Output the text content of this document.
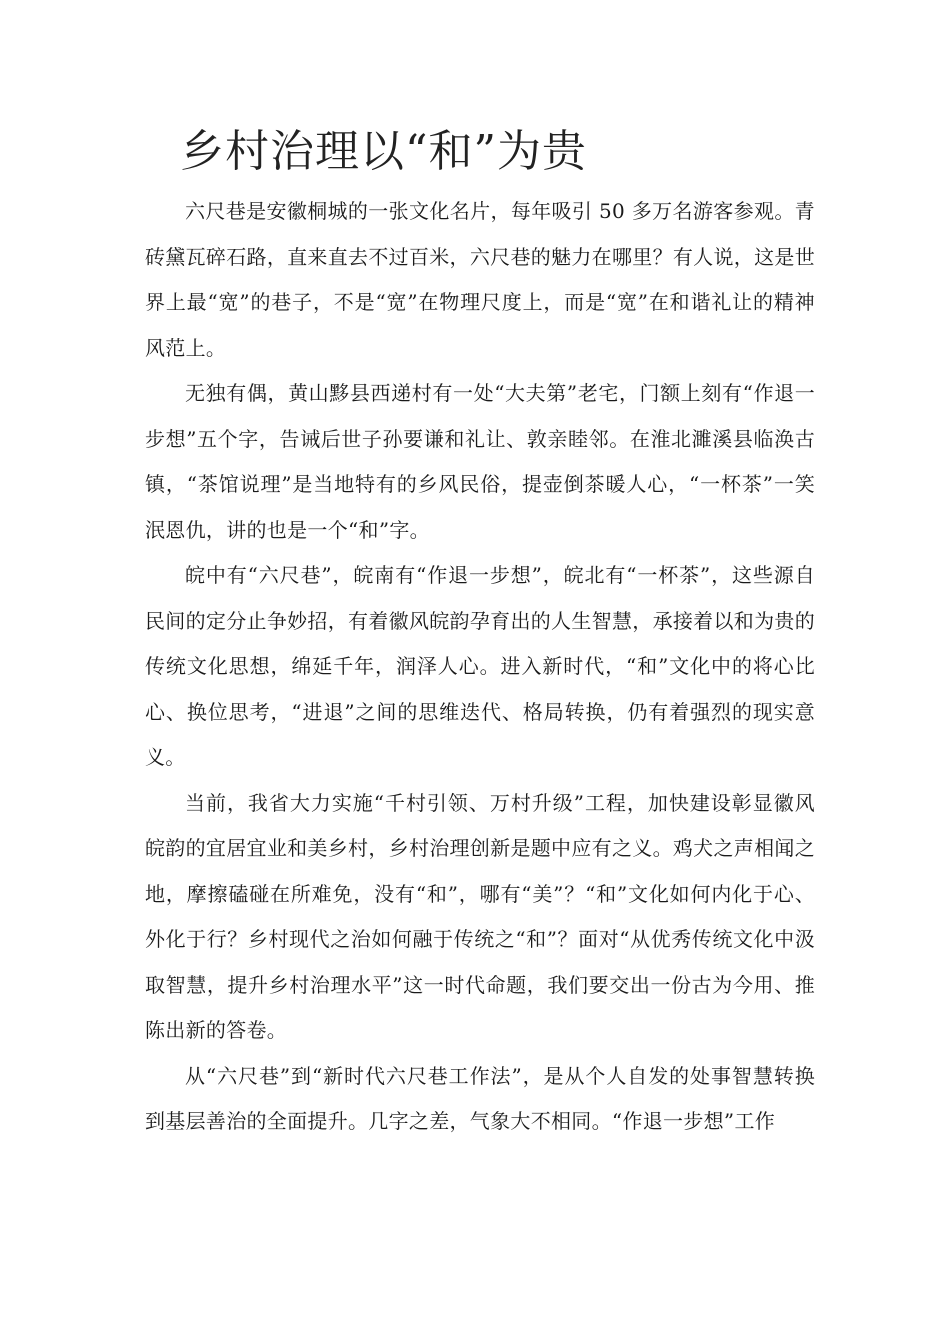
乡村治理以“和”为贵

六尺巷是安徽桐城的一张文化名片，每年吸引 50 多万名游客参观。青砖黛瓦碎石路，直来直去不过百米，六尺巷的魅力在哪里？有人说，这是世界上最“宽”的巷子，不是“宽”在物理尺度上，而是“宽”在和谐礼让的精神风范上。

无独有偶，黄山黟县西递村有一处“大夫第”老宅，门额上刻有“作退一步想”五个字，告诫后世子孙要谦和礼让、敦亲睦邻。在淮北濉溪县临涣古镇，“茶馆说理”是当地特有的乡风民俗，提壶倒茶暖人心，“一杯茶”一笑泯恩仇，讲的也是一个“和”字。

皖中有“六尺巷”，皖南有“作退一步想”，皖北有“一杯茶”，这些源自民间的定分止争妙招，有着徽风皖韵孕育出的人生智慧，承接着以和为贵的传统文化思想，绵延千年，润泽人心。进入新时代，“和”文化中的将心比心、换位思考，“进退”之间的思维迭代、格局转换，仍有着强烈的现实意义。

当前，我省大力实施“千村引领、万村升级”工程，加快建设彰显徽风皖韵的宜居宜业和美乡村，乡村治理创新是题中应有之义。鸡犬之声相闻之地，摩擦磕碰在所难免，没有“和”，哪有“美”？“和”文化如何内化于心、外化于行？乡村现代之治如何融于传统之“和”？面对“从优秀传统文化中汲取智慧，提升乡村治理水平”这一时代命题，我们要交出一份古为今用、推陈出新的答卷。

从“六尺巷”到“新时代六尺巷工作法”，是从个人自发的处事智慧转换到基层善治的全面提升。几字之差，气象大不相同。“作退一步想”工作
